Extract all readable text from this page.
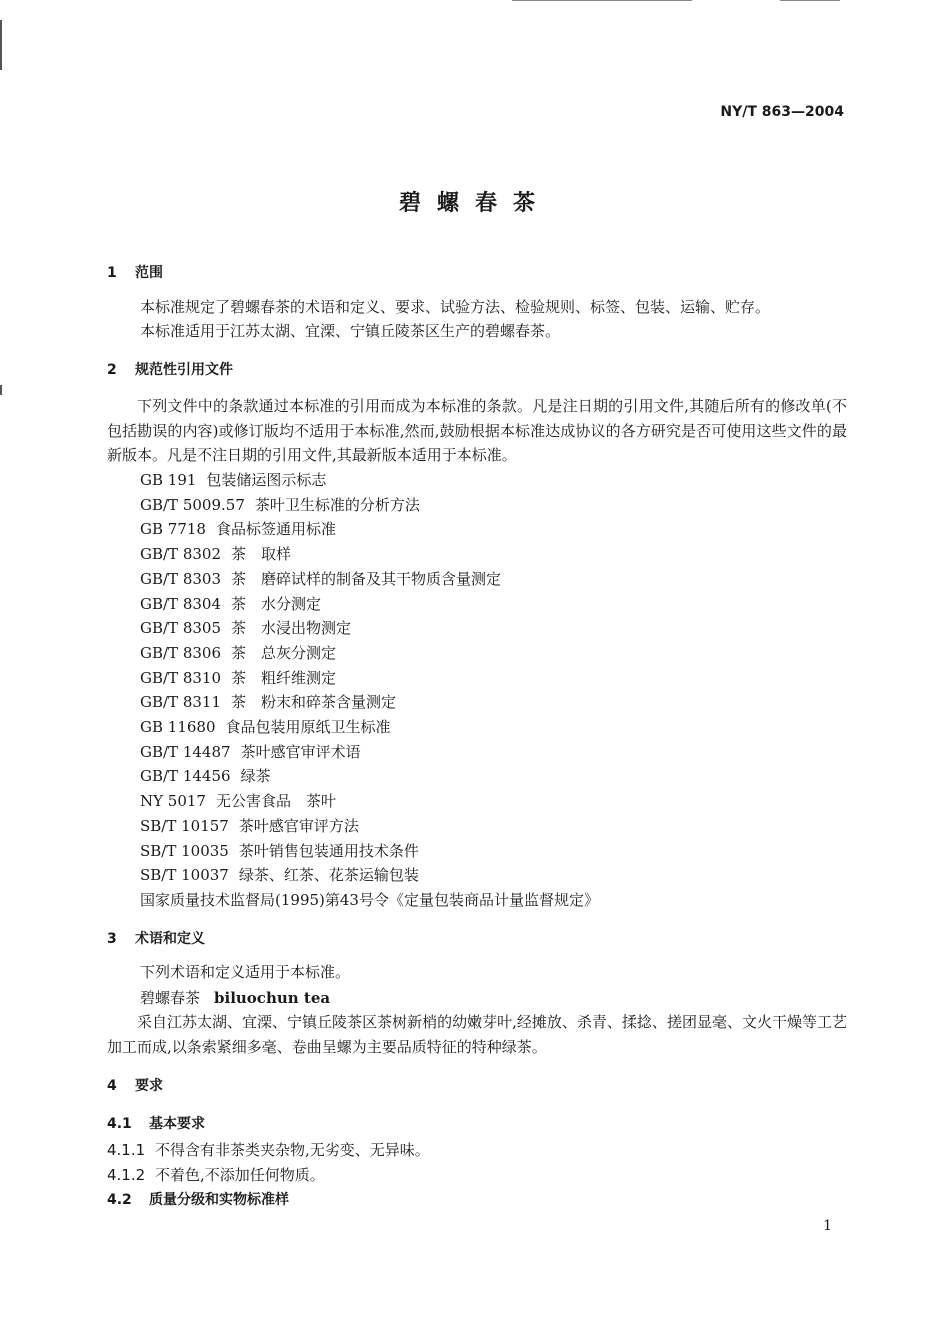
NY/T 863—2004
碧螺春茶
1 范围
本标准规定了碧螺春茶的术语和定义、要求、试验方法、检验规则、标签、包装、运输、贮存。
本标准适用于江苏太湖、宜溧、宁镇丘陵茶区生产的碧螺春茶。
2 规范性引用文件
下列文件中的条款通过本标准的引用而成为本标准的条款。凡是注日期的引用文件,其随后所有的修改单(不包括勘误的内容)或修订版均不适用于本标准,然而,鼓励根据本标准达成协议的各方研究是否可使用这些文件的最新版本。凡是不注日期的引用文件,其最新版本适用于本标准。
GB 191 包装储运图示标志
GB/T 5009.57 茶叶卫生标准的分析方法
GB 7718 食品标签通用标准
GB/T 8302 茶　取样
GB/T 8303 茶　磨碎试样的制备及其干物质含量测定
GB/T 8304 茶　水分测定
GB/T 8305 茶　水浸出物测定
GB/T 8306 茶　总灰分测定
GB/T 8310 茶　粗纤维测定
GB/T 8311 茶　粉末和碎茶含量测定
GB 11680 食品包装用原纸卫生标准
GB/T 14487 茶叶感官审评术语
GB/T 14456 绿茶
NY 5017 无公害食品　茶叶
SB/T 10157 茶叶感官审评方法
SB/T 10035 茶叶销售包装通用技术条件
SB/T 10037 绿茶、红茶、花茶运输包装
国家质量技术监督局(1995)第43号令《定量包装商品计量监督规定》
3 术语和定义
下列术语和定义适用于本标准。
碧螺春茶 biluochun tea
采自江苏太湖、宜溧、宁镇丘陵茶区茶树新梢的幼嫩芽叶,经摊放、杀青、揉捻、搓团显毫、文火干燥等工艺加工而成,以条索紧细多毫、卷曲呈螺为主要品质特征的特种绿茶。
4 要求
4.1 基本要求
4.1.1 不得含有非茶类夹杂物,无劣变、无异味。
4.1.2 不着色,不添加任何物质。
4.2 质量分级和实物标准样
1
